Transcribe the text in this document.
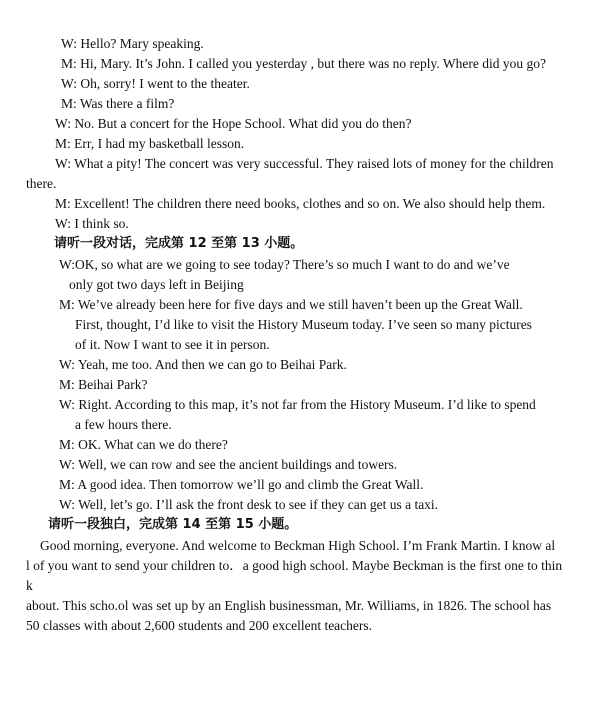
W: Hello? Mary speaking.
M: Hi, Mary. It’s John. I called you yesterday , but there was no reply. Where did you go?
W: Oh, sorry! I went to the theater.
M: Was there a film?
W: No. But a concert for the Hope School. What did you do then?
M: Err, I had my basketball lesson.
W: What a pity! The concert was very successful. They raised lots of money for the children
there.
M: Excellent! The children there need books, clothes and so on. We also should help them.
W: I think so.
请听一段对话，完成第 12 至第 13 小题。
W:OK, so what are we going to see today? There’s so much I want to do and we’ve
only got two days left in Beijing
M: We’ve already been here for five days and we still haven’t been up the Great Wall.
First, thought, I’d like to visit the History Museum today. I’ve seen so many pictures
of it. Now I want to see it in person.
W: Yeah, me too. And then we can go to Beihai Park.
M: Beihai Park?
W: Right. According to this map, it’s not far from the History Museum. I’d like to spend
a few hours there.
M: OK. What can we do there?
W: Well, we can row and see the ancient buildings and towers.
M: A good idea. Then tomorrow we’ll go and climb the Great Wall.
W: Well, let’s go. I’ll ask the front desk to see if they can get us a taxi.
请听一段独白，完成第 14 至第 15 小题。
Good morning, everyone. And welcome to Beckman High School. I’m Frank Martin. I know al
l of you want to send your children to．a good high school. Maybe Beckman is the first one to thin
k
about. This scho.ol was set up by an English businessman, Mr. Williams, in 1826. The school has
50 classes with about 2,600 students and 200 excellent teachers.
